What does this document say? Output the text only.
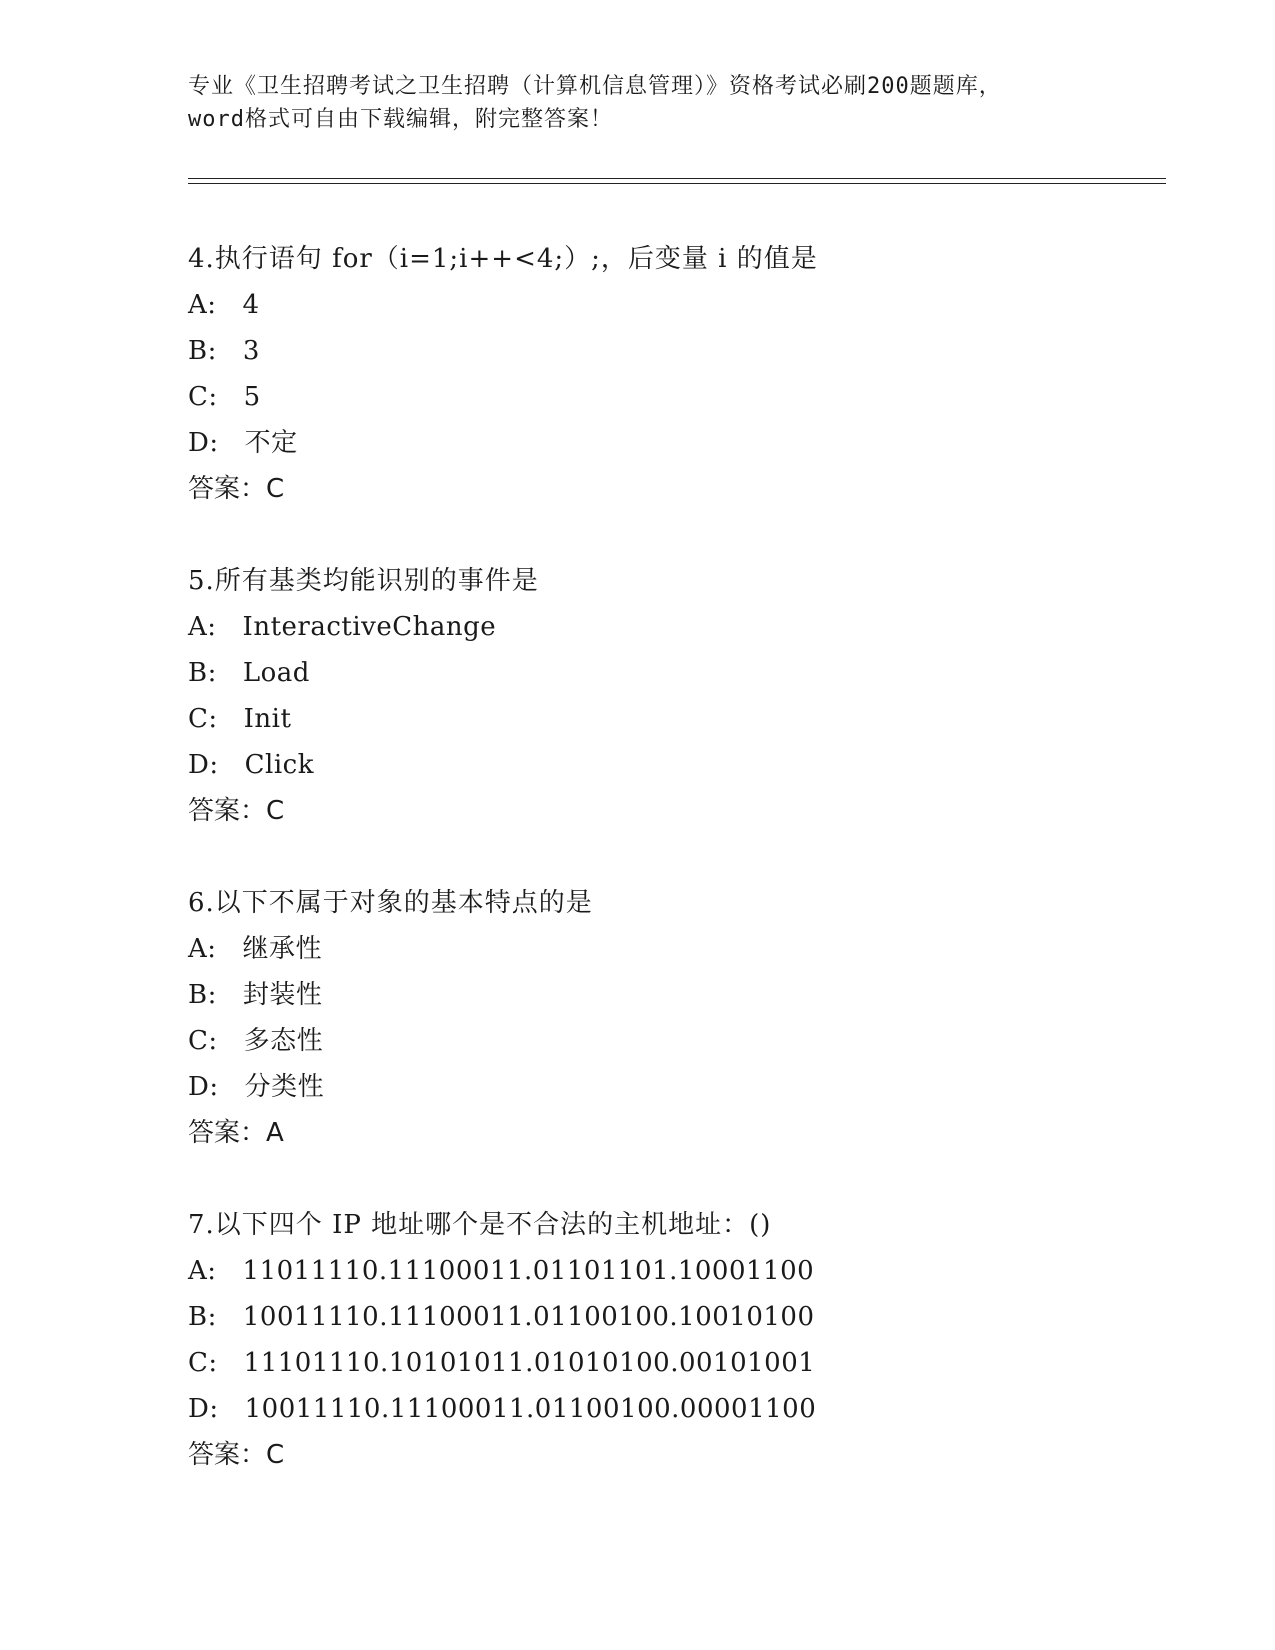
专业《卫生招聘考试之卫生招聘（计算机信息管理）》资格考试必刷200题题库，
word格式可自由下载编辑，附完整答案！
4.执行语句 for（i=1;i++<4;）;，后变量 i 的值是
A: 4
B: 3
C: 5
D: 不定
答案：C
5.所有基类均能识别的事件是
A: InteractiveChange
B: Load
C: Init
D: Click
答案：C
6.以下不属于对象的基本特点的是
A: 继承性
B: 封装性
C: 多态性
D: 分类性
答案：A
7.以下四个 IP 地址哪个是不合法的主机地址：()
A: 11011110.11100011.01101101.10001100
B: 10011110.11100011.01100100.10010100
C: 11101110.10101011.01010100.00101001
D: 10011110.11100011.01100100.00001100
答案：C
